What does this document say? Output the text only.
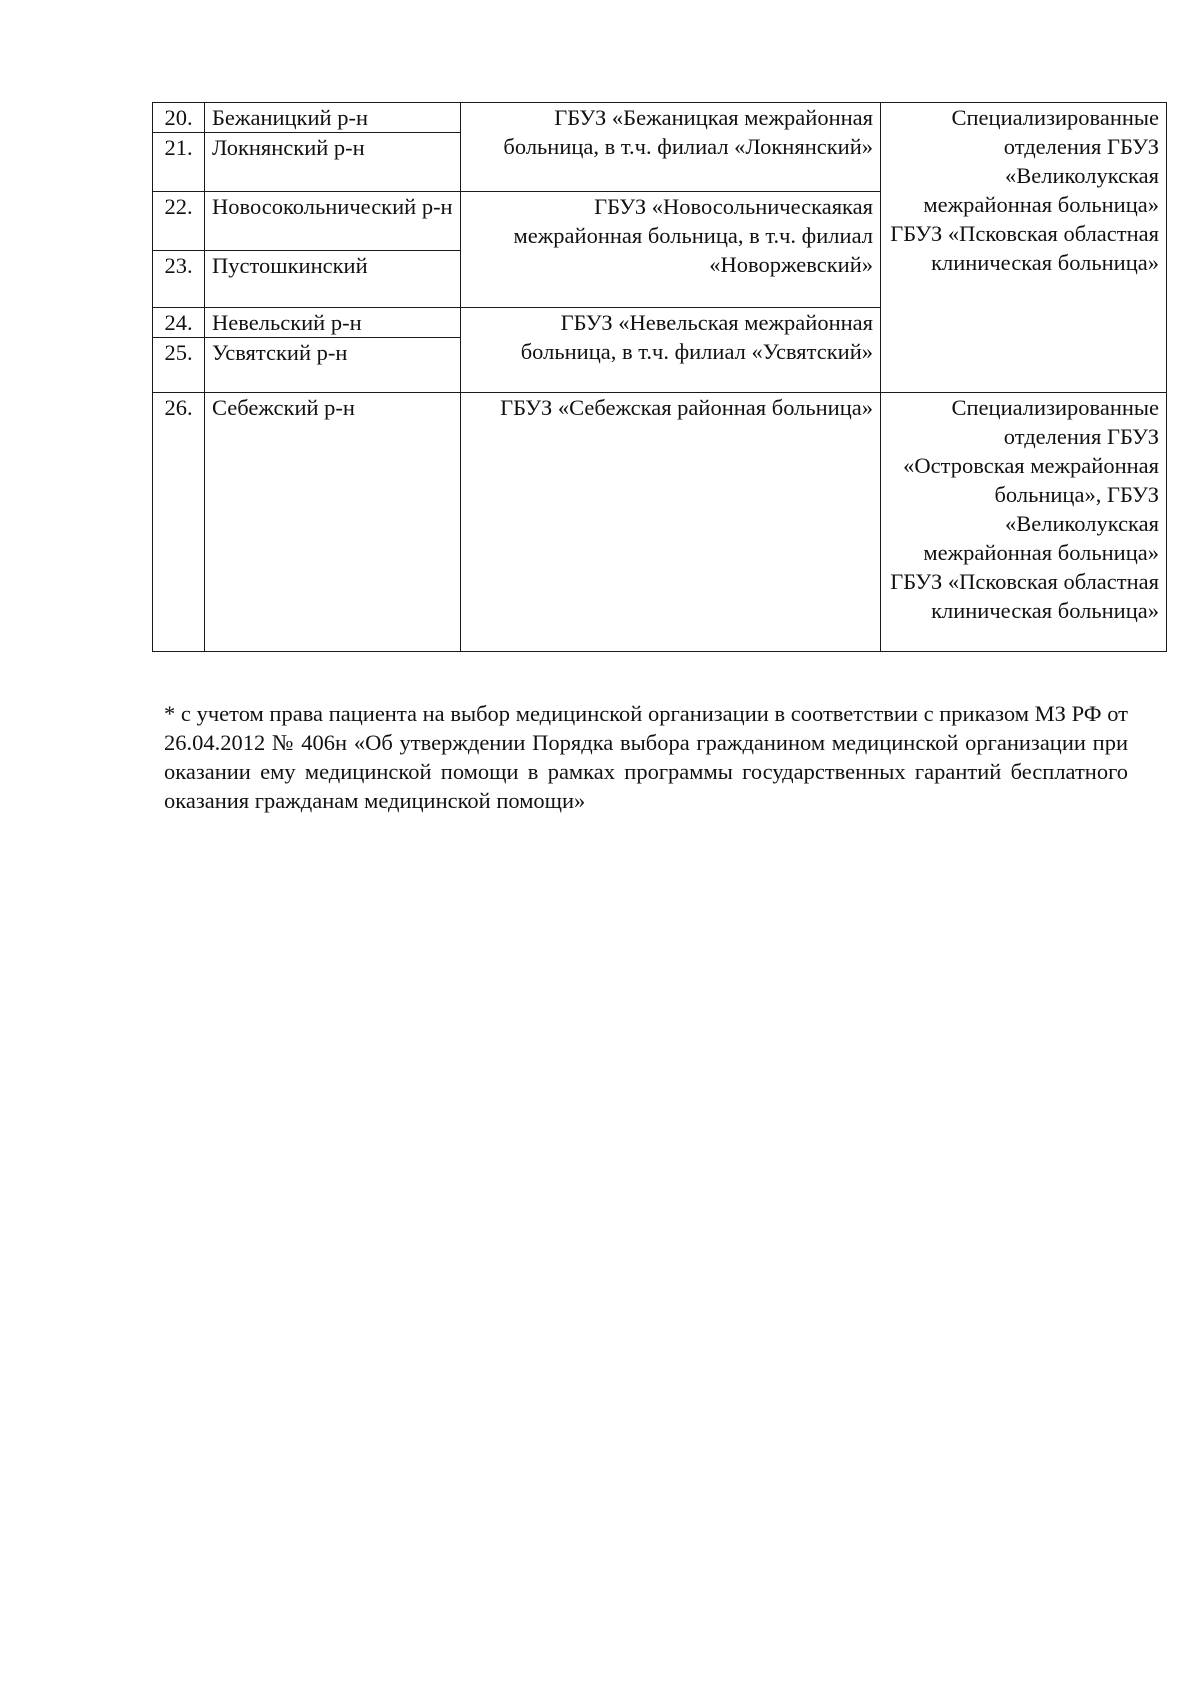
20.	Бежаницкий р-н	ГБУЗ «Бежаницкая межрайонная больница, в т.ч. филиал «Локнянский»	Специализированные отделения ГБУЗ «Великолукская межрайонная больница» ГБУЗ «Псковская областная клиническая больница»

21.	Локнянский р-н		
22.	Новосокольнический р-н	ГБУЗ «Новосольническаякая межрайонная больница, в т.ч. филиал «Новоржевский»	

23.	Пустошкинский		
24.	Невельский р-н	ГБУЗ «Невельская межрайонная больница, в т.ч. филиал «Усвятский»	

25.	Усвятский р-н		
26.	Себежский р-н	ГБУЗ «Себежская районная больница»	Специализированные отделения ГБУЗ «Островская межрайонная больница», ГБУЗ «Великолукская межрайонная больница» ГБУЗ «Псковская областная клиническая больница»

* с учетом права пациента на выбор медицинской организации в соответствии с приказом МЗ РФ от 26.04.2012 № 406н «Об утверждении Порядка выбора гражданином медицинской организации при оказании ему медицинской помощи в рамках программы государственных гарантий бесплатного оказания гражданам медицинской помощи»
